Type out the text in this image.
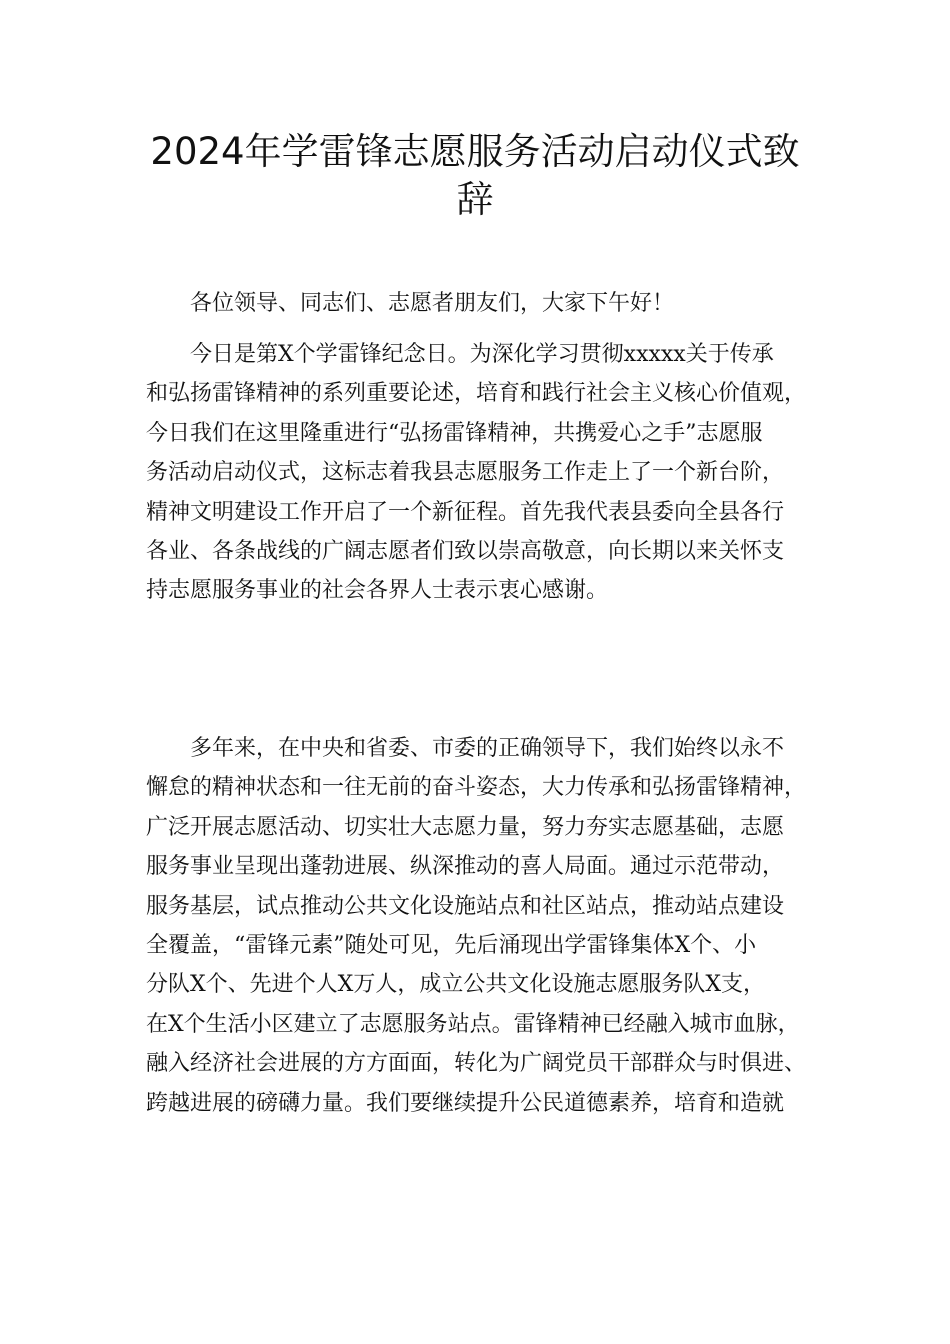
2024年学雷锋志愿服务活动启动仪式致
辞

各位领导、同志们、志愿者朋友们，大家下午好！

今日是第X个学雷锋纪念日。为深化学习贯彻xxxxx关于传承
和弘扬雷锋精神的系列重要论述，培育和践行社会主义核心价值观，
今日我们在这里隆重进行“弘扬雷锋精神，共携爱心之手”志愿服
务活动启动仪式，这标志着我县志愿服务工作走上了一个新台阶，
精神文明建设工作开启了一个新征程。首先我代表县委向全县各行
各业、各条战线的广阔志愿者们致以崇高敬意，向长期以来关怀支
持志愿服务事业的社会各界人士表示衷心感谢。

多年来，在中央和省委、市委的正确领导下，我们始终以永不
懈怠的精神状态和一往无前的奋斗姿态，大力传承和弘扬雷锋精神，
广泛开展志愿活动、切实壮大志愿力量，努力夯实志愿基础，志愿
服务事业呈现出蓬勃进展、纵深推动的喜人局面。通过示范带动，
服务基层，试点推动公共文化设施站点和社区站点，推动站点建设
全覆盖，“雷锋元素”随处可见，先后涌现出学雷锋集体X个、小
分队X个、先进个人X万人，成立公共文化设施志愿服务队X支，
在X个生活小区建立了志愿服务站点。雷锋精神已经融入城市血脉，
融入经济社会进展的方方面面，转化为广阔党员干部群众与时俱进、
跨越进展的磅礴力量。我们要继续提升公民道德素养，培育和造就
